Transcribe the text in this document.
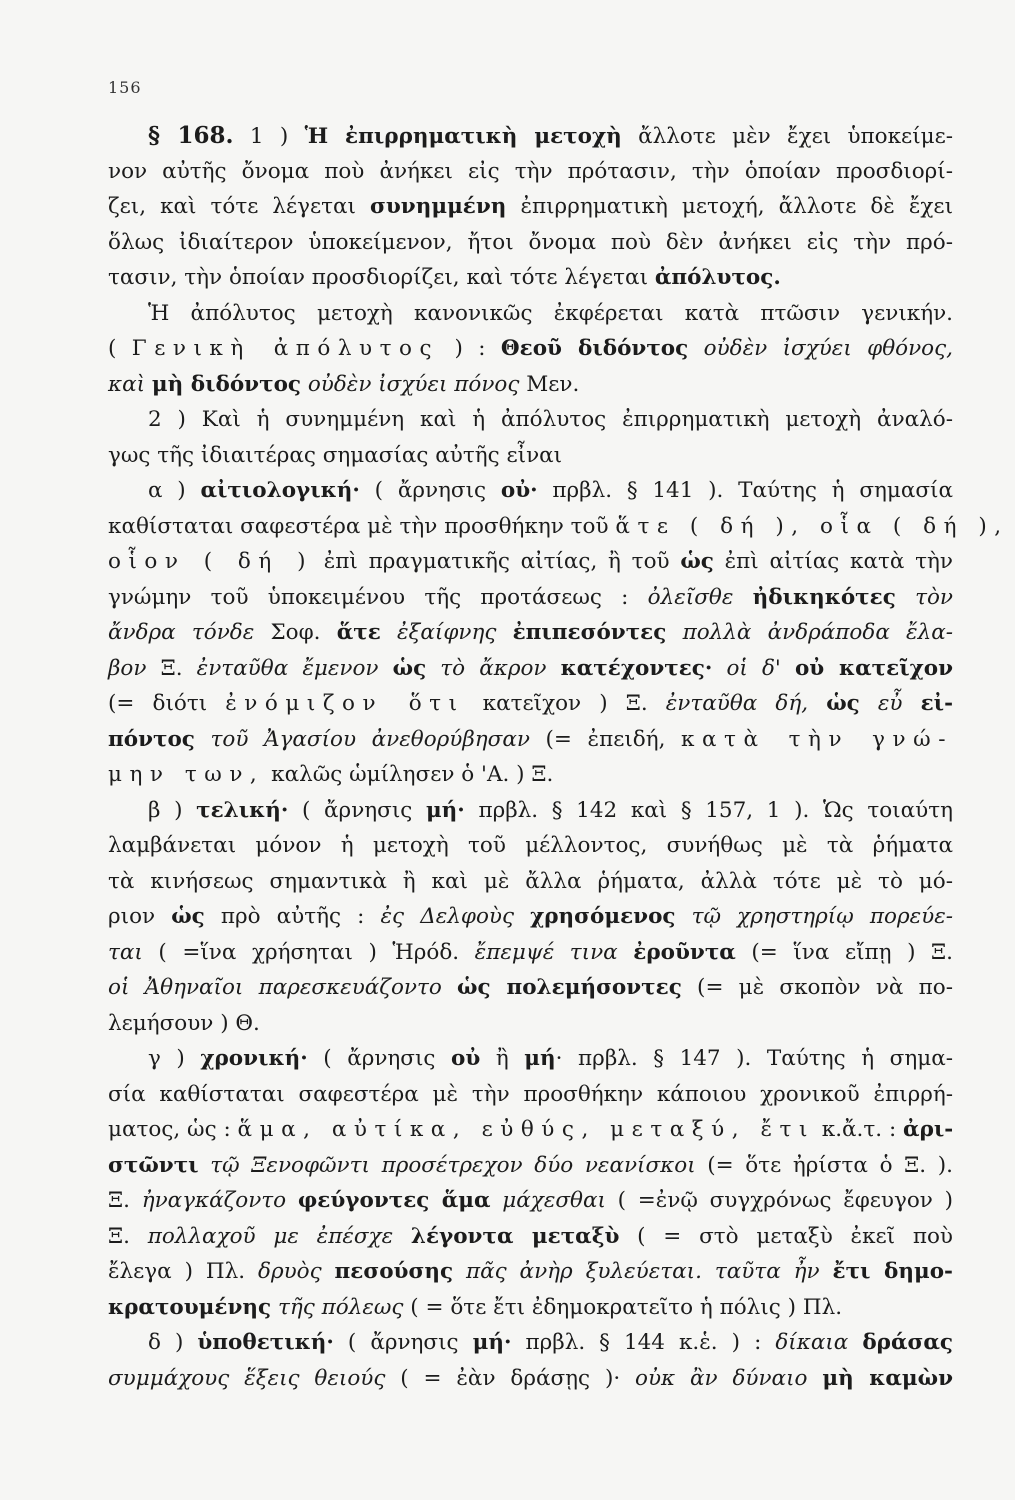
156
§ 168. 1 ) Ἡ ἐπιρρηματικὴ μετοχὴ ἄλλοτε μὲν ἔχει ὑποκείμε-
νον αὐτῆς ὄνομα ποὺ ἀνήκει εἰς τὴν πρότασιν, τὴν ὁποίαν προσδιορί-
ζει, καὶ τότε λέγεται συνημμένη ἐπιρρηματικὴ μετοχή, ἄλλοτε δὲ ἔχει
ὅλως ἰδιαίτερον ὑποκείμενον, ἤτοι ὄνομα ποὺ δὲν ἀνήκει εἰς τὴν πρό-
τασιν, τὴν ὁποίαν προσδιορίζει, καὶ τότε λέγεται ἀπόλυτος.
Ἡ ἀπόλυτος μετοχὴ κανονικῶς ἐκφέρεται κατὰ πτῶσιν γενικήν.
( Γενικὴ ἀπόλυτος ) : Θεοῦ διδόντος οὐδὲν ἰσχύει φθόνος,
καὶ μὴ διδόντος οὐδὲν ἰσχύει πόνος Μεν.
2 ) Καὶ ἡ συνημμένη καὶ ἡ ἀπόλυτος ἐπιρρηματικὴ μετοχὴ ἀναλό-
γως τῆς ἰδιαιτέρας σημασίας αὐτῆς εἶναι
α ) αἰτιολογική· ( ἄρνησις οὐ· πρβλ. § 141 ). Ταύτης ἡ σημασία
καθίσταται σαφεστέρα μὲ τὴν προσθήκην τοῦ ἅτε ( δή ), οἷα ( δή ),
οἷον ( δή ) ἐπὶ πραγματικῆς αἰτίας, ἢ τοῦ ὡς ἐπὶ αἰτίας κατὰ τὴν
γνώμην τοῦ ὑποκειμένου τῆς προτάσεως : ὀλεῖσθε ἠδικηκότες τὸν
ἄνδρα τόνδε Σοφ. ἅτε ἐξαίφνης ἐπιπεσόντες πολλὰ ἀνδράποδα ἔλα-
βον Ξ. ἐνταῦθα ἔμενον ὡς τὸ ἄκρον κατέχοντες· οἱ δ' οὐ κατεῖχον
(= διότι ἐνόμιζον ὅτι κατεῖχον ) Ξ. ἐνταῦθα δή, ὡς εὖ εἰ-
πόντος τοῦ Ἀγασίου ἀνεθορύβησαν (= ἐπειδή, κατὰ τὴν γνώ-
μην των, καλῶς ὡμίλησεν ὁ 'Α. ) Ξ.
β ) τελική· ( ἄρνησις μή· πρβλ. § 142 καὶ § 157, 1 ). Ὡς τοιαύτη
λαμβάνεται μόνον ἡ μετοχὴ τοῦ μέλλοντος, συνήθως μὲ τὰ ῥήματα
τὰ κινήσεως σημαντικὰ ἢ καὶ μὲ ἄλλα ῥήματα, ἀλλὰ τότε μὲ τὸ μό-
ριον ὡς πρὸ αὐτῆς : ἐς Δελφοὺς χρησόμενος τῷ χρηστηρίῳ πορεύε-
ται ( =ἵνα χρήσηται ) Ἡρόδ. ἔπεμψέ τινα ἐροῦντα (= ἵνα εἴπῃ ) Ξ.
οἱ Ἀθηναῖοι παρεσκευάζοντο ὡς πολεμήσοντες (= μὲ σκοπὸν νὰ πο-
λεμήσουν ) Θ.
γ ) χρονική· ( ἄρνησις οὐ ἢ μή· πρβλ. § 147 ). Ταύτης ἡ σημα-
σία καθίσταται σαφεστέρα μὲ τὴν προσθήκην κάποιου χρονικοῦ ἐπιρρή-
ματος, ὡς : ἅμα, αὐτίκα, εὐθύς, μεταξύ, ἔτι κ.ἄ.τ. : ἀρι-
στῶντι τῷ Ξενοφῶντι προσέτρεχον δύο νεανίσκοι (= ὅτε ἠρίστα ὁ Ξ. ).
Ξ. ἠναγκάζοντο φεύγοντες ἅμα μάχεσθαι ( =ἐνῷ συγχρόνως ἔφευγον )
Ξ. πολλαχοῦ με ἐπέσχε λέγοντα μεταξὺ ( = στὸ μεταξὺ ἐκεῖ ποὺ
ἔλεγα ) Πλ. δρυὸς πεσούσης πᾶς ἀνὴρ ξυλεύεται. ταῦτα ἦν ἔτι δημο-
κρατουμένης τῆς πόλεως ( = ὅτε ἔτι ἐδημοκρατεῖτο ἡ πόλις ) Πλ.
δ ) ὑποθετική· ( ἄρνησις μή· πρβλ. § 144 κ.ἑ. ) : δίκαια δράσας
συμμάχους ἕξεις θειούς ( = ἐὰν δράσῃς )· οὐκ ἂν δύναιο μὴ καμὼν
